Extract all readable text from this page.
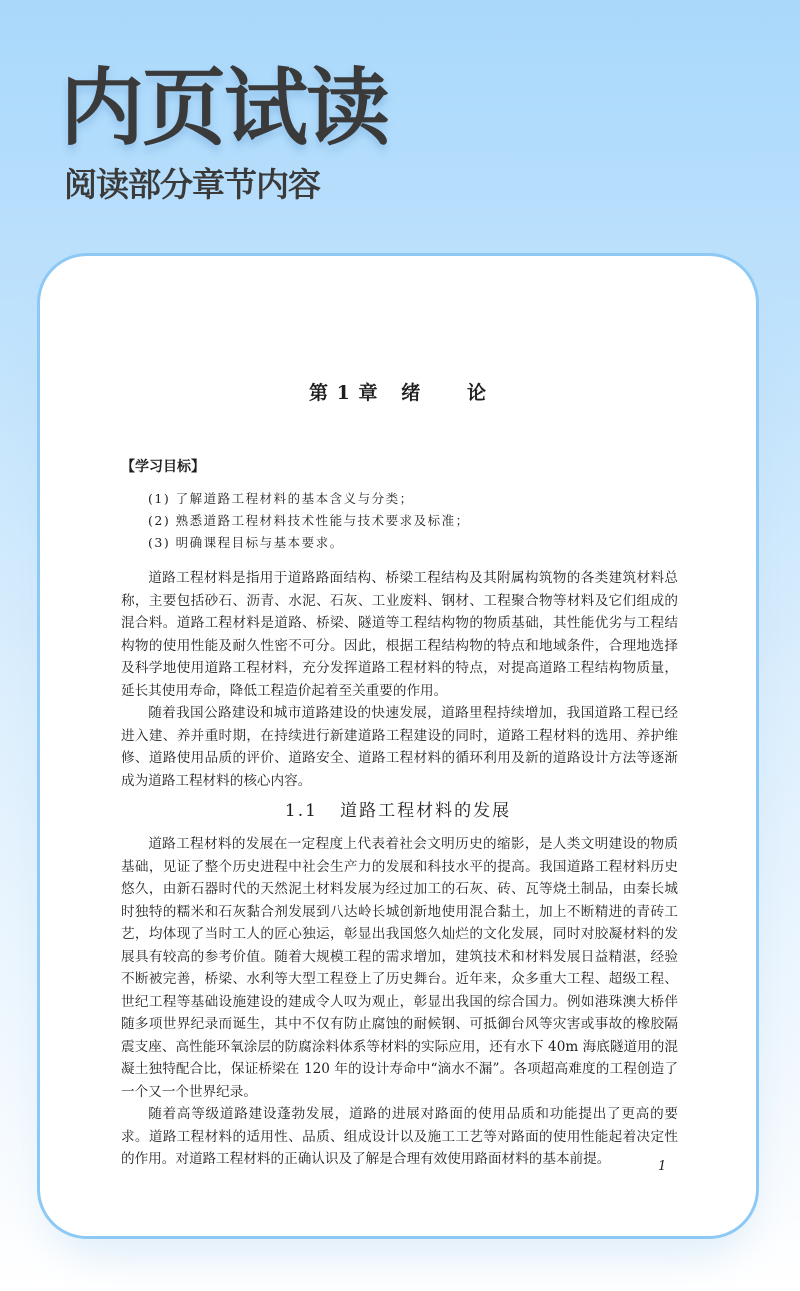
内页试读
阅读部分章节内容
第 1 章   绪      论
【学习目标】
(1) 了解道路工程材料的基本含义与分类；
(2) 熟悉道路工程材料技术性能与技术要求及标准；
(3) 明确课程目标与基本要求。

道路工程材料是指用于道路路面结构、桥梁工程结构及其附属构筑物的各类建筑材料总称，主要包括砂石、沥青、水泥、石灰、工业废料、钢材、工程聚合物等材料及它们组成的混合料。道路工程材料是道路、桥梁、隧道等工程结构物的物质基础，其性能优劣与工程结构物的使用性能及耐久性密不可分。因此，根据工程结构物的特点和地域条件，合理地选择及科学地使用道路工程材料，充分发挥道路工程材料的特点，对提高道路工程结构物质量，延长其使用寿命，降低工程造价起着至关重要的作用。

随着我国公路建设和城市道路建设的快速发展，道路里程持续增加，我国道路工程已经进入建、养并重时期，在持续进行新建道路工程建设的同时，道路工程材料的选用、养护维修、道路使用品质的评价、道路安全、道路工程材料的循环利用及新的道路设计方法等逐渐成为道路工程材料的核心内容。

1.1   道路工程材料的发展

道路工程材料的发展在一定程度上代表着社会文明历史的缩影，是人类文明建设的物质基础，见证了整个历史进程中社会生产力的发展和科技水平的提高。我国道路工程材料历史悠久，由新石器时代的天然泥土材料发展为经过加工的石灰、砖、瓦等烧土制品，由秦长城时独特的糯米和石灰黏合剂发展到八达岭长城创新地使用混合黏土，加上不断精进的青砖工艺，均体现了当时工人的匠心独运，彰显出我国悠久灿烂的文化发展，同时对胶凝材料的发展具有较高的参考价值。随着大规模工程的需求增加，建筑技术和材料发展日益精湛，经验不断被完善，桥梁、水利等大型工程登上了历史舞台。近年来，众多重大工程、超级工程、世纪工程等基础设施建设的建成令人叹为观止，彰显出我国的综合国力。例如港珠澳大桥伴随多项世界纪录而诞生，其中不仅有防止腐蚀的耐候钢、可抵御台风等灾害或事故的橡胶隔震支座、高性能环氧涂层的防腐涂料体系等材料的实际应用，还有水下 40m 海底隧道用的混凝土独特配合比，保证桥梁在 120 年的设计寿命中“滴水不漏”。各项超高难度的工程创造了一个又一个世界纪录。

随着高等级道路建设蓬勃发展，道路的进展对路面的使用品质和功能提出了更高的要求。道路工程材料的适用性、品质、组成设计以及施工工艺等对路面的使用性能起着决定性的作用。对道路工程材料的正确认识及了解是合理有效使用路面材料的基本前提。	1
